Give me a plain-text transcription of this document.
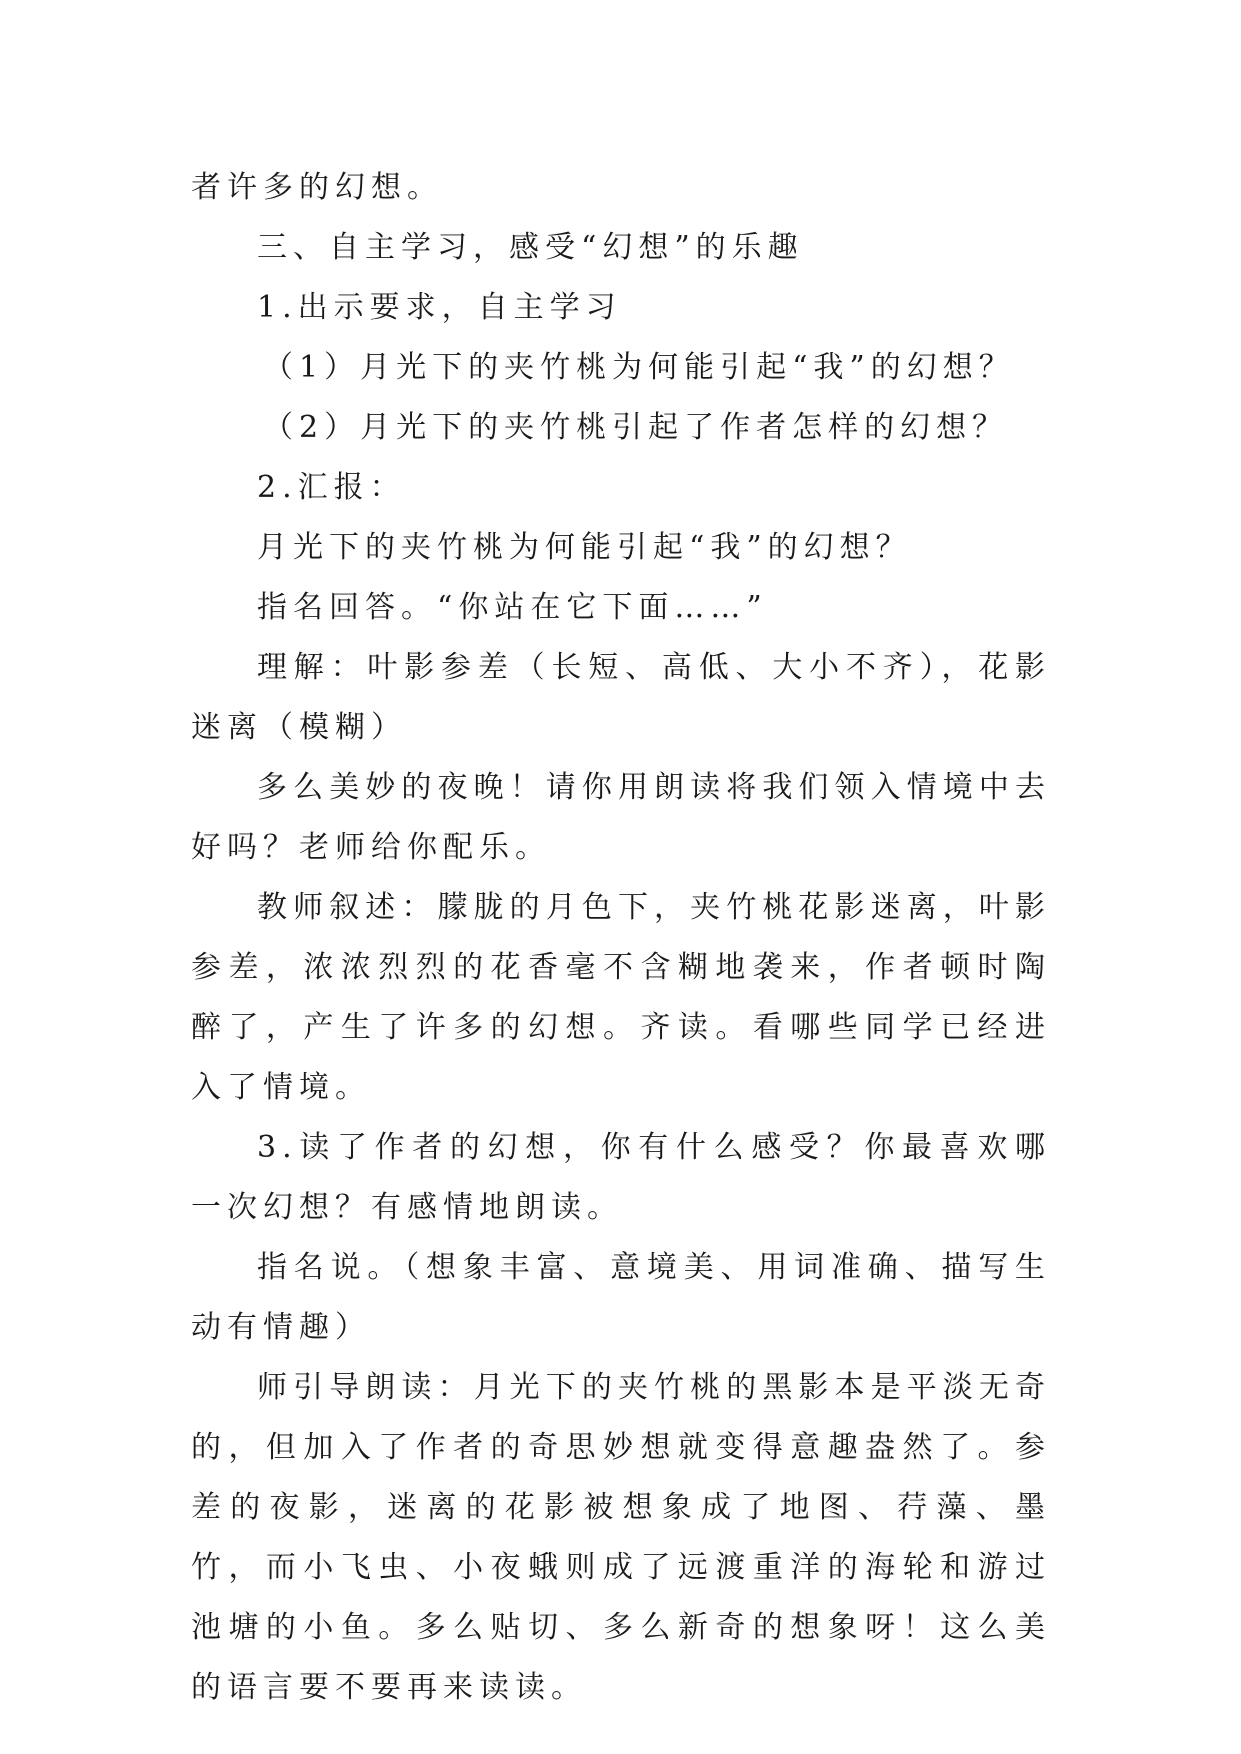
者许多的幻想。

三、自主学习，感受“幻想”的乐趣

1.出示要求，自主学习

（1）月光下的夹竹桃为何能引起“我”的幻想？

（2）月光下的夹竹桃引起了作者怎样的幻想？

2.汇报：

月光下的夹竹桃为何能引起“我”的幻想？

指名回答。“你站在它下面……”

理解：叶影参差（长短、高低、大小不齐），花影迷离（模糊）

多么美妙的夜晚！请你用朗读将我们领入情境中去好吗？老师给你配乐。

教师叙述：朦胧的月色下，夹竹桃花影迷离，叶影参差，浓浓烈烈的花香毫不含糊地袭来，作者顿时陶醉了，产生了许多的幻想。齐读。看哪些同学已经进入了情境。

3.读了作者的幻想，你有什么感受？你最喜欢哪一次幻想？有感情地朗读。

指名说。（想象丰富、意境美、用词准确、描写生动有情趣）

师引导朗读：月光下的夹竹桃的黑影本是平淡无奇的，但加入了作者的奇思妙想就变得意趣盎然了。参差的夜影，迷离的花影被想象成了地图、荇藻、墨竹，而小飞虫、小夜蛾则成了远渡重洋的海轮和游过池塘的小鱼。多么贴切、多么新奇的想象呀！这么美的语言要不要再来读读。
